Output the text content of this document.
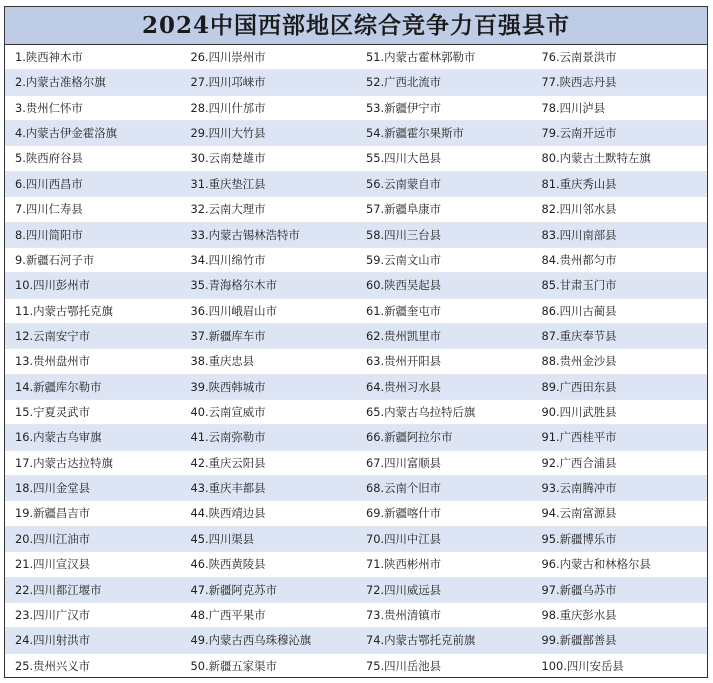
2024中国西部地区综合竞争力百强县市
1.陕西神木市	26.四川崇州市	51.内蒙古霍林郭勒市	76.云南景洪市
2.内蒙古准格尔旗	27.四川邛崃市	52.广西北流市	77.陕西志丹县
3.贵州仁怀市	28.四川什邡市	53.新疆伊宁市	78.四川泸县
4.内蒙古伊金霍洛旗	29.四川大竹县	54.新疆霍尔果斯市	79.云南开远市
5.陕西府谷县	30.云南楚雄市	55.四川大邑县	80.内蒙古土默特左旗
6.四川西昌市	31.重庆垫江县	56.云南蒙自市	81.重庆秀山县
7.四川仁寿县	32.云南大理市	57.新疆阜康市	82.四川邻水县
8.四川简阳市	33.内蒙古锡林浩特市	58.四川三台县	83.四川南部县
9.新疆石河子市	34.四川绵竹市	59.云南文山市	84.贵州都匀市
10.四川彭州市	35.青海格尔木市	60.陕西吴起县	85.甘肃玉门市
11.内蒙古鄂托克旗	36.四川峨眉山市	61.新疆奎屯市	86.四川古蔺县
12.云南安宁市	37.新疆库车市	62.贵州凯里市	87.重庆奉节县
13.贵州盘州市	38.重庆忠县	63.贵州开阳县	88.贵州金沙县
14.新疆库尔勒市	39.陕西韩城市	64.贵州习水县	89.广西田东县
15.宁夏灵武市	40.云南宣威市	65.内蒙古乌拉特后旗	90.四川武胜县
16.内蒙古乌审旗	41.云南弥勒市	66.新疆阿拉尔市	91.广西桂平市
17.内蒙古达拉特旗	42.重庆云阳县	67.四川富顺县	92.广西合浦县
18.四川金堂县	43.重庆丰都县	68.云南个旧市	93.云南腾冲市
19.新疆昌吉市	44.陕西靖边县	69.新疆喀什市	94.云南富源县
20.四川江油市	45.四川渠县	70.四川中江县	95.新疆博乐市
21.四川宣汉县	46.陕西黄陵县	71.陕西彬州市	96.内蒙古和林格尔县
22.四川都江堰市	47.新疆阿克苏市	72.四川威远县	97.新疆乌苏市
23.四川广汉市	48.广西平果市	73.贵州清镇市	98.重庆彭水县
24.四川射洪市	49.内蒙古西乌珠穆沁旗	74.内蒙古鄂托克前旗	99.新疆鄯善县
25.贵州兴义市	50.新疆五家渠市	75.四川岳池县	100.四川安岳县
